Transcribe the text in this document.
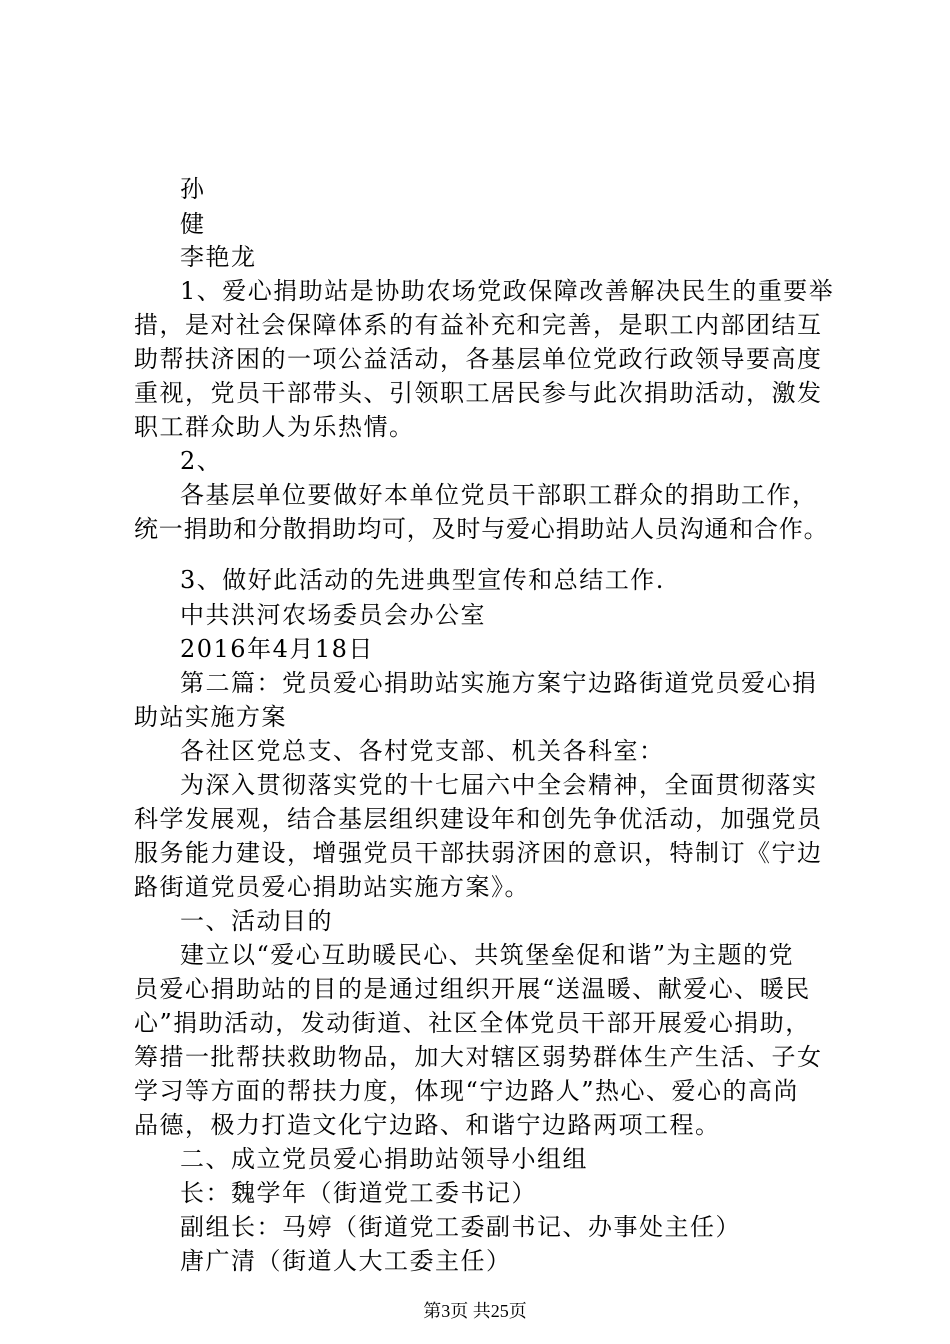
孙
健
李艳龙
1、爱心捐助站是协助农场党政保障改善解决民生的重要举
措，是对社会保障体系的有益补充和完善，是职工内部团结互
助帮扶济困的一项公益活动，各基层单位党政行政领导要高度
重视，党员干部带头、引领职工居民参与此次捐助活动，激发
职工群众助人为乐热情。
2、
各基层单位要做好本单位党员干部职工群众的捐助工作，
统一捐助和分散捐助均可，及时与爱心捐助站人员沟通和合作。
3、做好此活动的先进典型宣传和总结工作.
中共洪河农场委员会办公室
2016年4月18日
第二篇：党员爱心捐助站实施方案宁边路街道党员爱心捐
助站实施方案
各社区党总支、各村党支部、机关各科室：
为深入贯彻落实党的十七届六中全会精神，全面贯彻落实
科学发展观，结合基层组织建设年和创先争优活动，加强党员
服务能力建设，增强党员干部扶弱济困的意识，特制订《宁边
路街道党员爱心捐助站实施方案》。
一、活动目的
建立以“爱心互助暖民心、共筑堡垒促和谐”为主题的党
员爱心捐助站的目的是通过组织开展“送温暖、献爱心、暖民
心”捐助活动，发动街道、社区全体党员干部开展爱心捐助，
筹措一批帮扶救助物品，加大对辖区弱势群体生产生活、子女
学习等方面的帮扶力度，体现“宁边路人”热心、爱心的高尚
品德，极力打造文化宁边路、和谐宁边路两项工程。
二、成立党员爱心捐助站领导小组组
长：魏学年（街道党工委书记）
副组长：马婷（街道党工委副书记、办事处主任）
唐广清（街道人大工委主任）
第3页 共25页
